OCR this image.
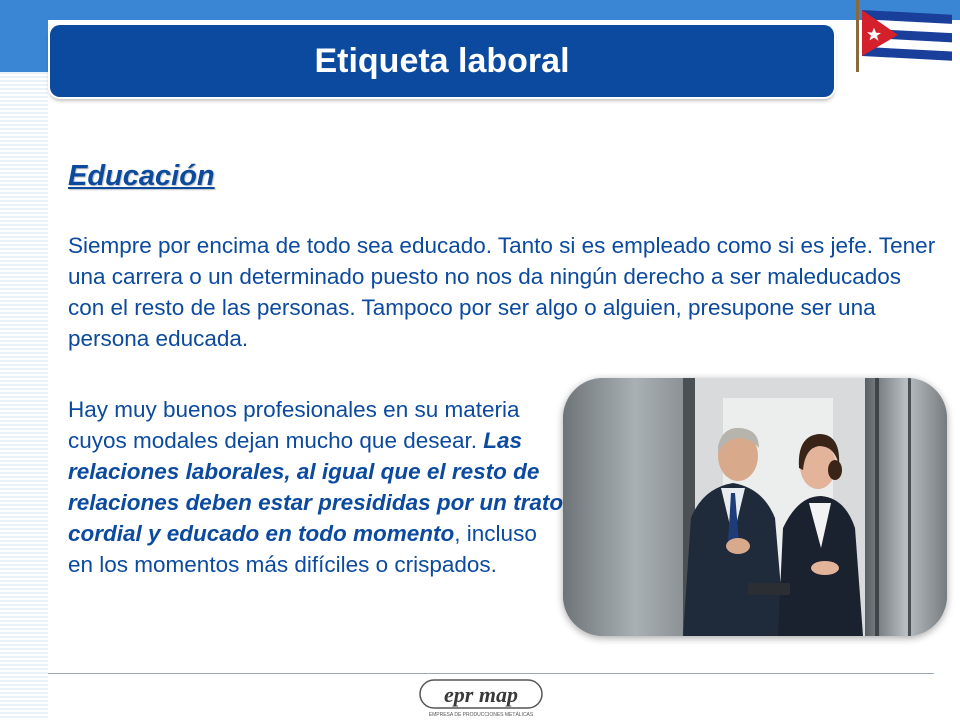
Etiqueta laboral
Educación
Siempre por encima de todo sea educado. Tanto si es empleado como si es jefe. Tener una carrera o un determinado puesto no nos da ningún derecho a ser maleducados con el resto de las personas. Tampoco por ser algo o alguien, presupone ser una persona educada.
Hay muy buenos profesionales en su materia cuyos modales dejan mucho que desear. Las relaciones laborales, al igual que el resto de relaciones deben estar presididas por un trato cordial y educado en todo momento, incluso en los momentos más difíciles o crispados.
epr map
EMPRESA DE PRODUCCIONES METÁLICAS
